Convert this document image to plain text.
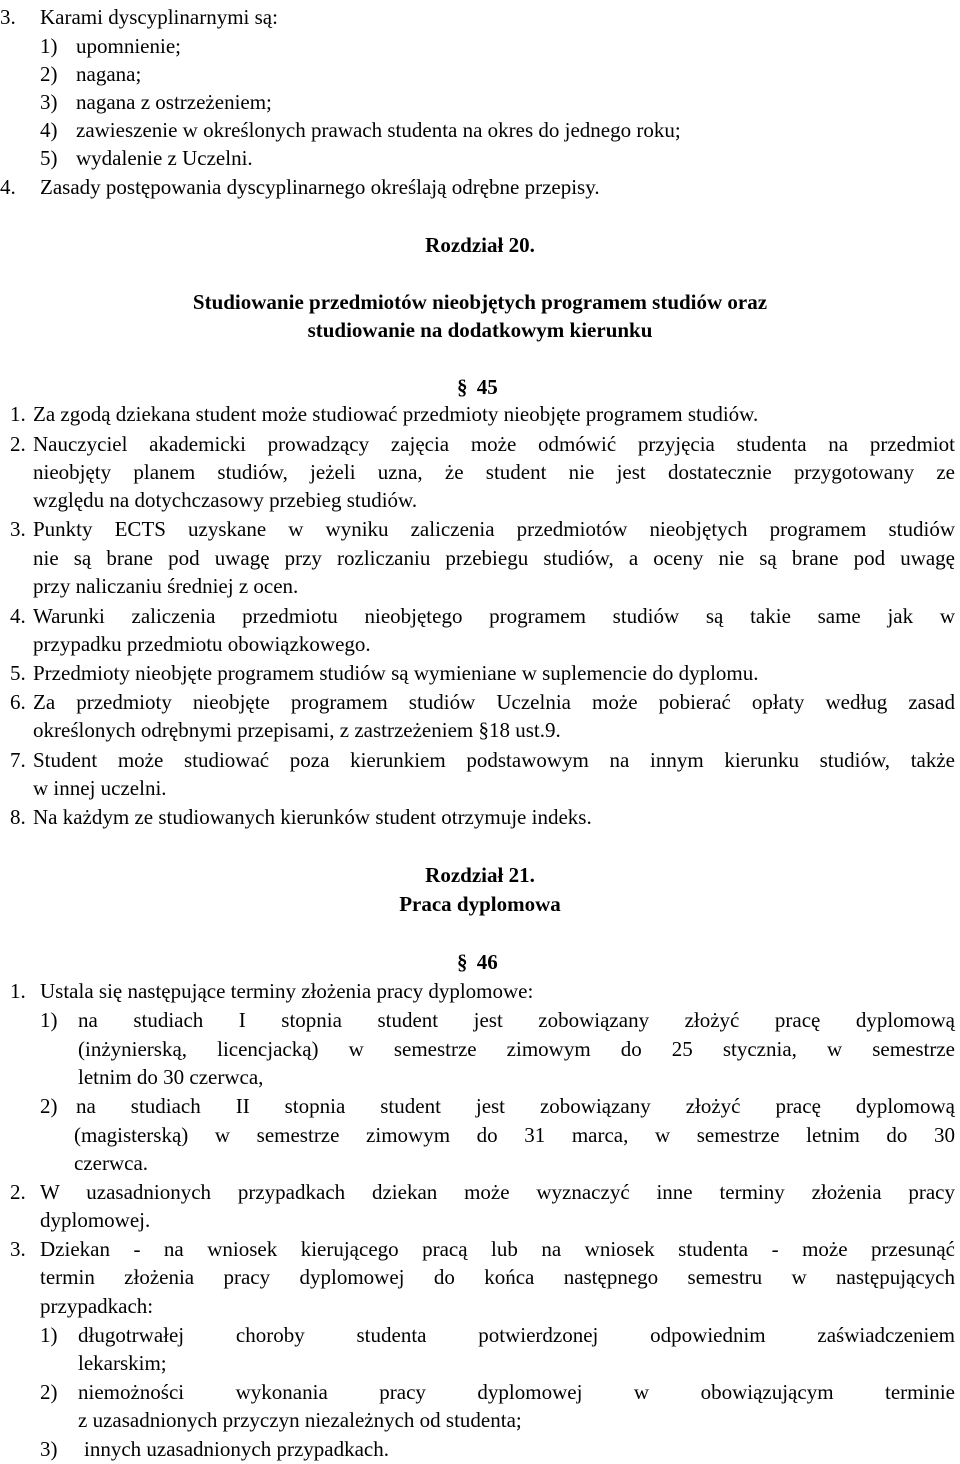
3. Karami dyscyplinarnymi są:
1) upomnienie;
2) nagana;
3) nagana z ostrzeżeniem;
4) zawieszenie w określonych prawach studenta na okres do jednego roku;
5) wydalenie z Uczelni.
4. Zasady postępowania dyscyplinarnego określają odrębne przepisy.
Rozdział 20.
Studiowanie przedmiotów nieobjętych programem studiów oraz
studiowanie na dodatkowym kierunku
§ 45
1. Za zgodą dziekana student może studiować przedmioty nieobjęte programem studiów.
2. Nauczyciel akademicki prowadzący zajęcia może odmówić przyjęcia studenta na przedmiot
nieobjęty planem studiów, jeżeli uzna, że student nie jest dostatecznie przygotowany ze
względu na dotychczasowy przebieg studiów.
3. Punkty ECTS uzyskane w wyniku zaliczenia przedmiotów nieobjętych programem studiów
nie są brane pod uwagę przy rozliczaniu przebiegu studiów, a oceny nie są brane pod uwagę
przy naliczaniu średniej z ocen.
4. Warunki zaliczenia przedmiotu nieobjętego programem studiów są takie same jak w
przypadku przedmiotu obowiązkowego.
5. Przedmioty nieobjęte programem studiów są wymieniane w suplemencie do dyplomu.
6. Za przedmioty nieobjęte programem studiów Uczelnia może pobierać opłaty według zasad
określonych odrębnymi przepisami, z zastrzeżeniem §18 ust.9.
7. Student może studiować poza kierunkiem podstawowym na innym kierunku studiów, także
w innej uczelni.
8. Na każdym ze studiowanych kierunków student otrzymuje indeks.
Rozdział 21.
Praca dyplomowa
§ 46
1. Ustala się następujące terminy złożenia pracy dyplomowe:
1) na studiach I stopnia student jest zobowiązany złożyć pracę dyplomową
(inżynierską, licencjacką) w semestrze zimowym do 25 stycznia, w semestrze
letnim do 30 czerwca,
2) na studiach II stopnia student jest zobowiązany złożyć pracę dyplomową
(magisterską) w semestrze zimowym do 31 marca, w semestrze letnim do 30
czerwca.
2. W uzasadnionych przypadkach dziekan może wyznaczyć inne terminy złożenia pracy
dyplomowej.
3. Dziekan - na wniosek kierującego pracą lub na wniosek studenta - może przesunąć
termin złożenia pracy dyplomowej do końca następnego semestru w następujących
przypadkach:
1) długotrwałej choroby studenta potwierdzonej odpowiednim zaświadczeniem
lekarskim;
2) niemożności wykonania pracy dyplomowej w obowiązującym terminie
z uzasadnionych przyczyn niezależnych od studenta;
3) innych uzasadnionych przypadkach.
